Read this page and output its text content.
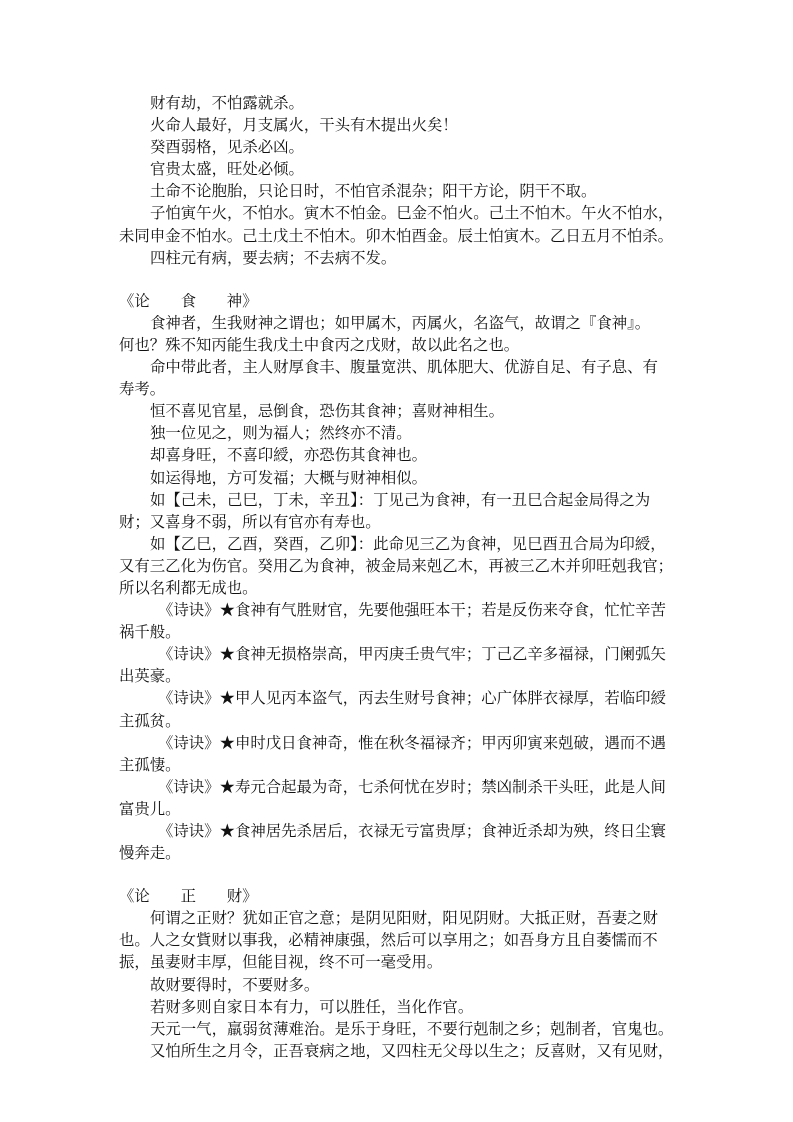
财有劫，不怕露就杀。

火命人最好，月支属火，干头有木提出火矣！

癸酉弱格，见杀必凶。

官贵太盛，旺处必倾。

土命不论胞胎，只论日时，不怕官杀混杂；阳干方论，阴干不取。

子怕寅午火，不怕水。寅木不怕金。巳金不怕火。己土不怕木。午火不怕水，

未同申金不怕水。己土戊土不怕木。卯木怕酉金。辰土怕寅木。乙日五月不怕杀。

四柱元有病，要去病；不去病不发。

《论　　食　　神》

食神者，生我财神之谓也；如甲属木，丙属火，名盗气，故谓之『食神』。

何也？殊不知丙能生我戊土中食丙之戊财，故以此名之也。

命中带此者，主人财厚食丰、腹量宽洪、肌体肥大、优游自足、有子息、有

寿考。

恒不喜见官星，忌倒食，恐伤其食神；喜财神相生。

独一位见之，则为福人；然终亦不清。

却喜身旺，不喜印綬，亦恐伤其食神也。

如运得地，方可发福；大概与财神相似。

如【己未，己巳，丁未，辛丑】：丁见己为食神，有一丑巳合起金局得之为

财；又喜身不弱，所以有官亦有寿也。

如【乙巳，乙酉，癸酉，乙卯】：此命见三乙为食神，见巳酉丑合局为印綬，

又有三乙化为伤官。癸用乙为食神，被金局来剋乙木，再被三乙木并卯旺剋我官；

所以名利都无成也。

《诗诀》★食神有气胜财官，先要他强旺本干；若是反伤来夺食，忙忙辛苦

祸千般。

《诗诀》★食神无损格崇高，甲丙庚壬贵气牢；丁己乙辛多福禄，门阑弧矢

出英豪。

《诗诀》★甲人见丙本盗气，丙去生财号食神；心广体胖衣禄厚，若临印綬

主孤贫。

《诗诀》★申时戊日食神奇，惟在秋冬福禄齐；甲丙卯寅来剋破，遇而不遇

主孤悽。

《诗诀》★寿元合起最为奇，七杀何忧在岁时；禁凶制杀干头旺，此是人间

富贵儿。

《诗诀》★食神居先杀居后，衣禄无亏富贵厚；食神近杀却为殃，终日尘寰

慢奔走。

《论　　正　　财》

何谓之正财？犹如正官之意；是阴见阳财，阳见阴财。大抵正财，吾妻之财

也。人之女貲财以事我，必精神康强，然后可以享用之；如吾身方且自萎懦而不

振，虽妻财丰厚，但能目视，终不可一毫受用。

故财要得时，不要财多。

若财多则自家日本有力，可以胜任，当化作官。

天元一气，羸弱贫薄难治。是乐于身旺，不要行剋制之乡；剋制者，官鬼也。

又怕所生之月令，正吾衰病之地，又四柱无父母以生之；反喜财，又有见财，
